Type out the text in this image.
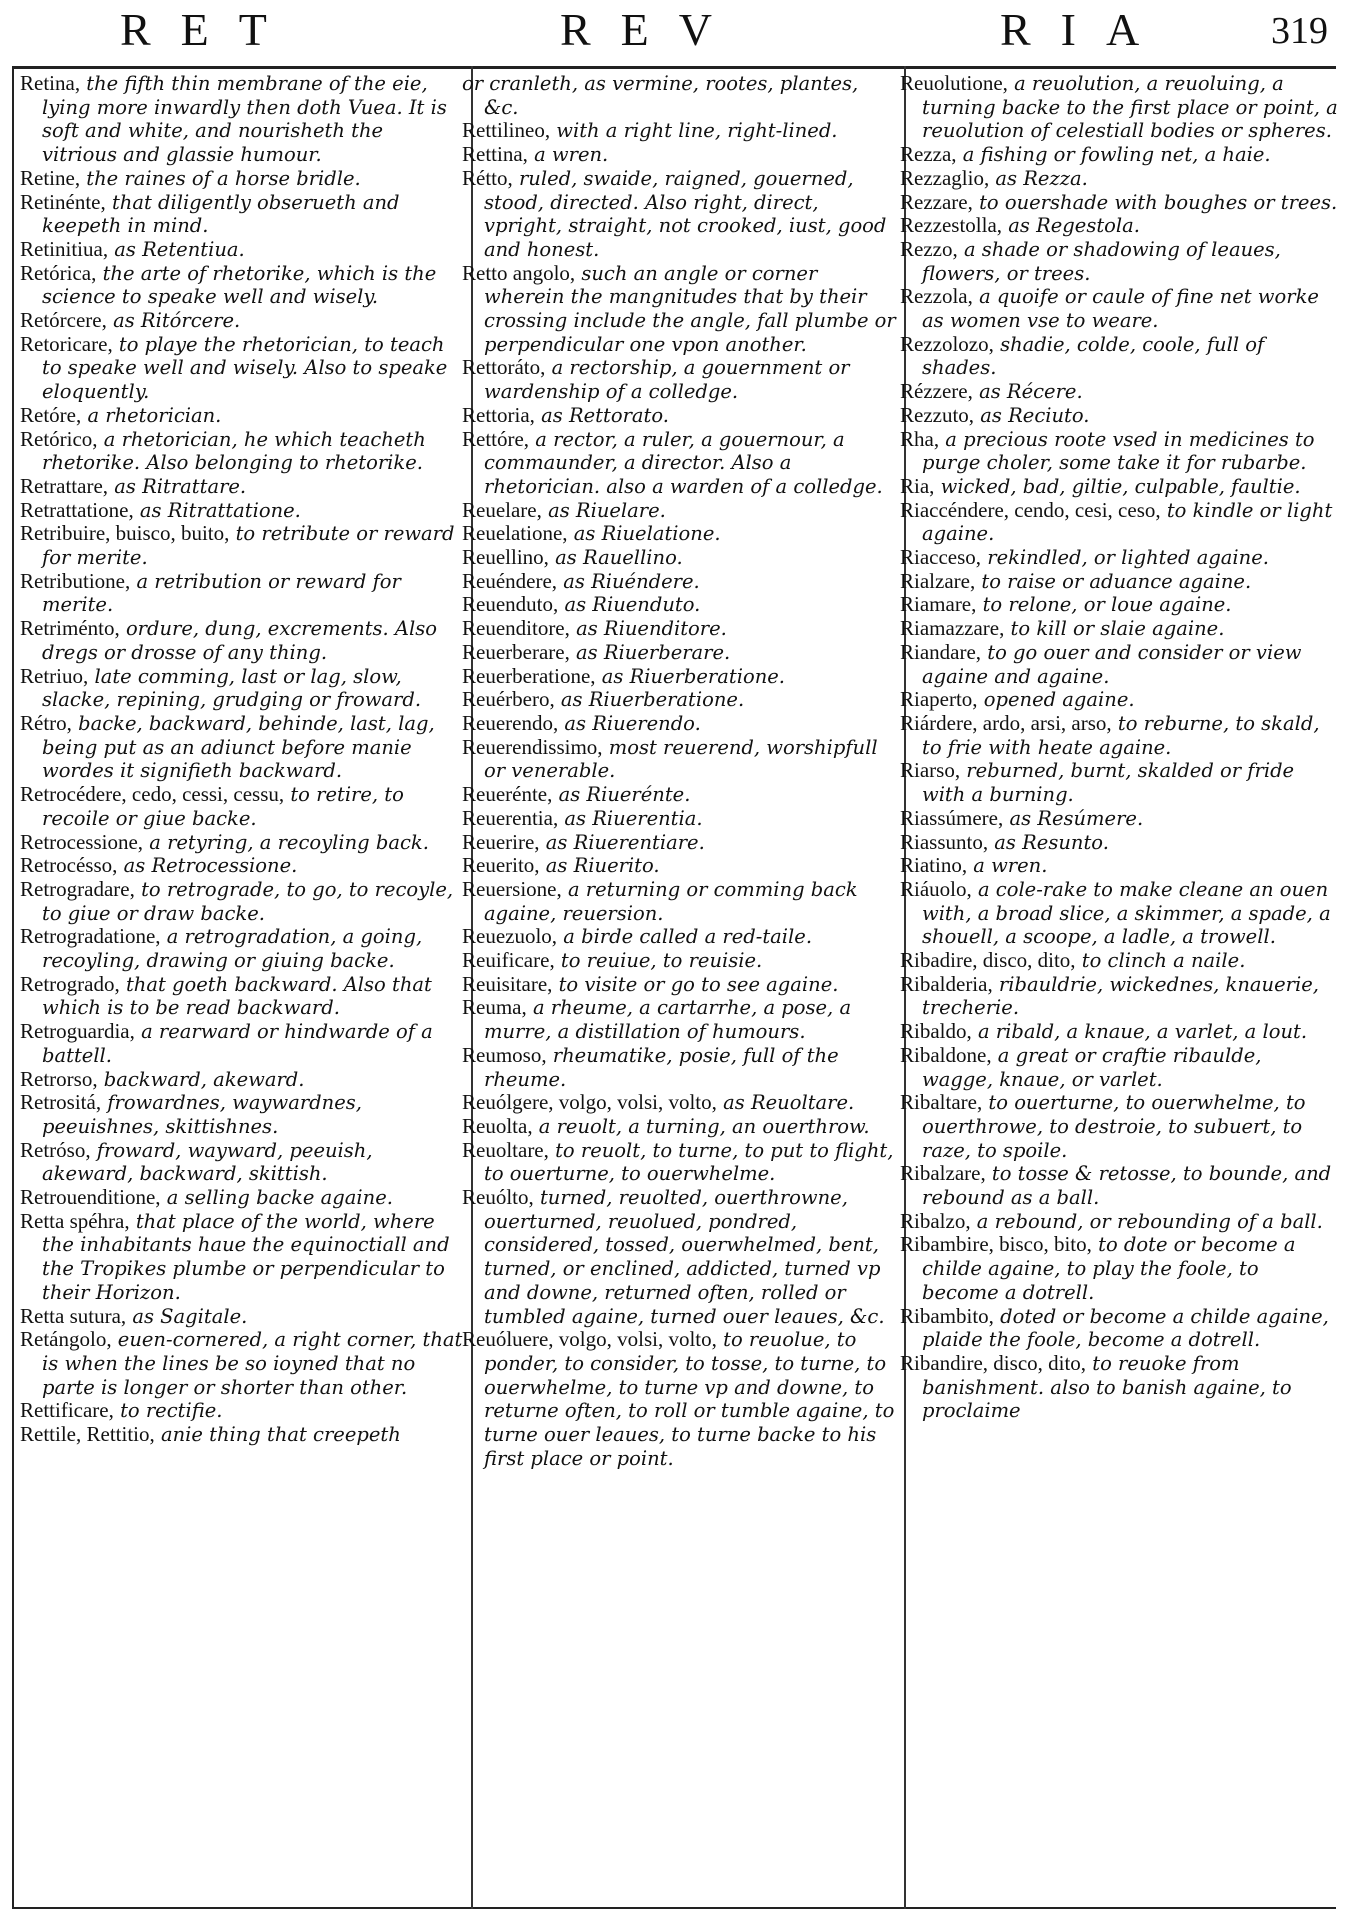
RET	REV	RIA	319

Retina, the fifth thin membrane of the eie, lying more inwardly then doth Vuea. It is soft and white, and nourisheth the vitrious and glassie humour.

Retine, the raines of a horse bridle.

Retinénte, that diligently obserueth and keepeth in mind.

Retinitiua, as Retentiua.

Retórica, the arte of rhetorike, which is the science to speake well and wisely.

Retórcere, as Ritórcere.

Retoricare, to playe the rhetorician, to teach to speake well and wisely. Also to speake eloquently.

Retóre, a rhetorician.

Retórico, a rhetorician, he which teacheth rhetorike. Also belonging to rhetorike.

Retrattare, as Ritrattare.

Retrattatione, as Ritrattatione.

Retribuire, buisco, buito, to retribute or reward for merite.

Retributione, a retribution or reward for merite.

Retriménto, ordure, dung, excrements. Also dregs or drosse of any thing.

Retriuo, late comming, last or lag, slow, slacke, repining, grudging or froward.

Rétro, backe, backward, behinde, last, lag, being put as an adiunct before manie wordes it signifieth backward.

Retrocédere, cedo, cessi, cessu, to retire, to recoile or giue backe.

Retrocessione, a retyring, a recoyling back.

Retrocésso, as Retrocessione.

Retrogradare, to retrograde, to go, to recoyle, to giue or draw backe.

Retrogradatione, a retrogradation, a going, recoyling, drawing or giuing backe.

Retrogrado, that goeth backward. Also that which is to be read backward.

Retroguardia, a rearward or hindwarde of a battell.

Retrorso, backward, akeward.

Retrositá, frowardnes, waywardnes, peeuishnes, skittishnes.

Retróso, froward, wayward, peeuish, akeward, backward, skittish.

Retrouenditione, a selling backe againe.

Retta spéhra, that place of the world, where the inhabitants haue the equinoctiall and the Tropikes plumbe or perpendicular to their Horizon.

Retta sutura, as Sagitale.

Retángolo, euen-cornered, a right corner, that is when the lines be so ioyned that no parte is longer or shorter than other.

Rettificare, to rectifie.

Rettile, Rettitio, anie thing that creepeth

or cranleth, as vermine, rootes, plantes, &c.

Rettilineo, with a right line, right-lined.

Rettina, a wren.

Rétto, ruled, swaide, raigned, gouerned, stood, directed. Also right, direct, vpright, straight, not crooked, iust, good and honest.

Retto angolo, such an angle or corner wherein the mangnitudes that by their crossing include the angle, fall plumbe or perpendicular one vpon another.

Rettoráto, a rectorship, a gouernment or wardenship of a colledge.

Rettoria, as Rettorato.

Rettóre, a rector, a ruler, a gouernour, a commaunder, a director. Also a rhetorician. also a warden of a colledge.

Reuelare, as Riuelare.

Reuelatione, as Riuelatione.

Reuellino, as Rauellino.

Reuéndere, as Riuéndere.

Reuenduto, as Riuenduto.

Reuenditore, as Riuenditore.

Reuerberare, as Riuerberare.

Reuerberatione, as Riuerberatione.

Reuérbero, as Riuerberatione.

Reuerendo, as Riuerendo.

Reuerendissimo, most reuerend, worshipfull or venerable.

Reuerénte, as Riuerénte.

Reuerentia, as Riuerentia.

Reuerire, as Riuerentiare.

Reuerito, as Riuerito.

Reuersione, a returning or comming back againe, reuersion.

Reuezuolo, a birde called a red-taile.

Reuificare, to reuiue, to reuisie.

Reuisitare, to visite or go to see againe.

Reuma, a rheume, a cartarrhe, a pose, a murre, a distillation of humours.

Reumoso, rheumatike, posie, full of the rheume.

Reuólgere, volgo, volsi, volto, as Reuoltare.

Reuolta, a reuolt, a turning, an ouerthrow.

Reuoltare, to reuolt, to turne, to put to flight, to ouerturne, to ouerwhelme.

Reuólto, turned, reuolted, ouerthrowne, ouerturned, reuolued, pondred, considered, tossed, ouerwhelmed, bent, turned, or enclined, addicted, turned vp and downe, returned often, rolled or tumbled againe, turned ouer leaues, &c.

Reuóluere, volgo, volsi, volto, to reuolue, to ponder, to consider, to tosse, to turne, to ouerwhelme, to turne vp and downe, to returne often, to roll or tumble againe, to turne ouer leaues, to turne backe to his first place or point.

Reuolutione, a reuolution, a reuoluing, a turning backe to the first place or point, a reuolution of celestiall bodies or spheres.

Rezza, a fishing or fowling net, a haie.

Rezzaglio, as Rezza.

Rezzare, to ouershade with boughes or trees.

Rezzestolla, as Regestola.

Rezzo, a shade or shadowing of leaues, flowers, or trees.

Rezzola, a quoife or caule of fine net worke as women vse to weare.

Rezzolozo, shadie, colde, coole, full of shades.

Rézzere, as Récere.

Rezzuto, as Reciuto.

Rha, a precious roote vsed in medicines to purge choler, some take it for rubarbe.

Ria, wicked, bad, giltie, culpable, faultie.

Riaccéndere, cendo, cesi, ceso, to kindle or light againe.

Riacceso, rekindled, or lighted againe.

Rialzare, to raise or aduance againe.

Riamare, to relone, or loue againe.

Riamazzare, to kill or slaie againe.

Riandare, to go ouer and consider or view againe and againe.

Riaperto, opened againe.

Riárdere, ardo, arsi, arso, to reburne, to skald, to frie with heate againe.

Riarso, reburned, burnt, skalded or fride with a burning.

Riassúmere, as Resúmere.

Riassunto, as Resunto.

Riatino, a wren.

Riáuolo, a cole-rake to make cleane an ouen with, a broad slice, a skimmer, a spade, a shouell, a scoope, a ladle, a trowell.

Ribadire, disco, dito, to clinch a naile.

Ribalderia, ribauldrie, wickednes, knauerie, trecherie.

Ribaldo, a ribald, a knaue, a varlet, a lout.

Ribaldone, a great or craftie ribaulde, wagge, knaue, or varlet.

Ribaltare, to ouerturne, to ouerwhelme, to ouerthrowe, to destroie, to subuert, to raze, to spoile.

Ribalzare, to tosse & retosse, to bounde, and rebound as a ball.

Ribalzo, a rebound, or rebounding of a ball.

Ribambire, bisco, bito, to dote or become a childe againe, to play the foole, to become a dotrell.

Ribambito, doted or become a childe againe, plaide the foole, become a dotrell.

Ribandire, disco, dito, to reuoke from banishment. also to banish againe, to proclaime
